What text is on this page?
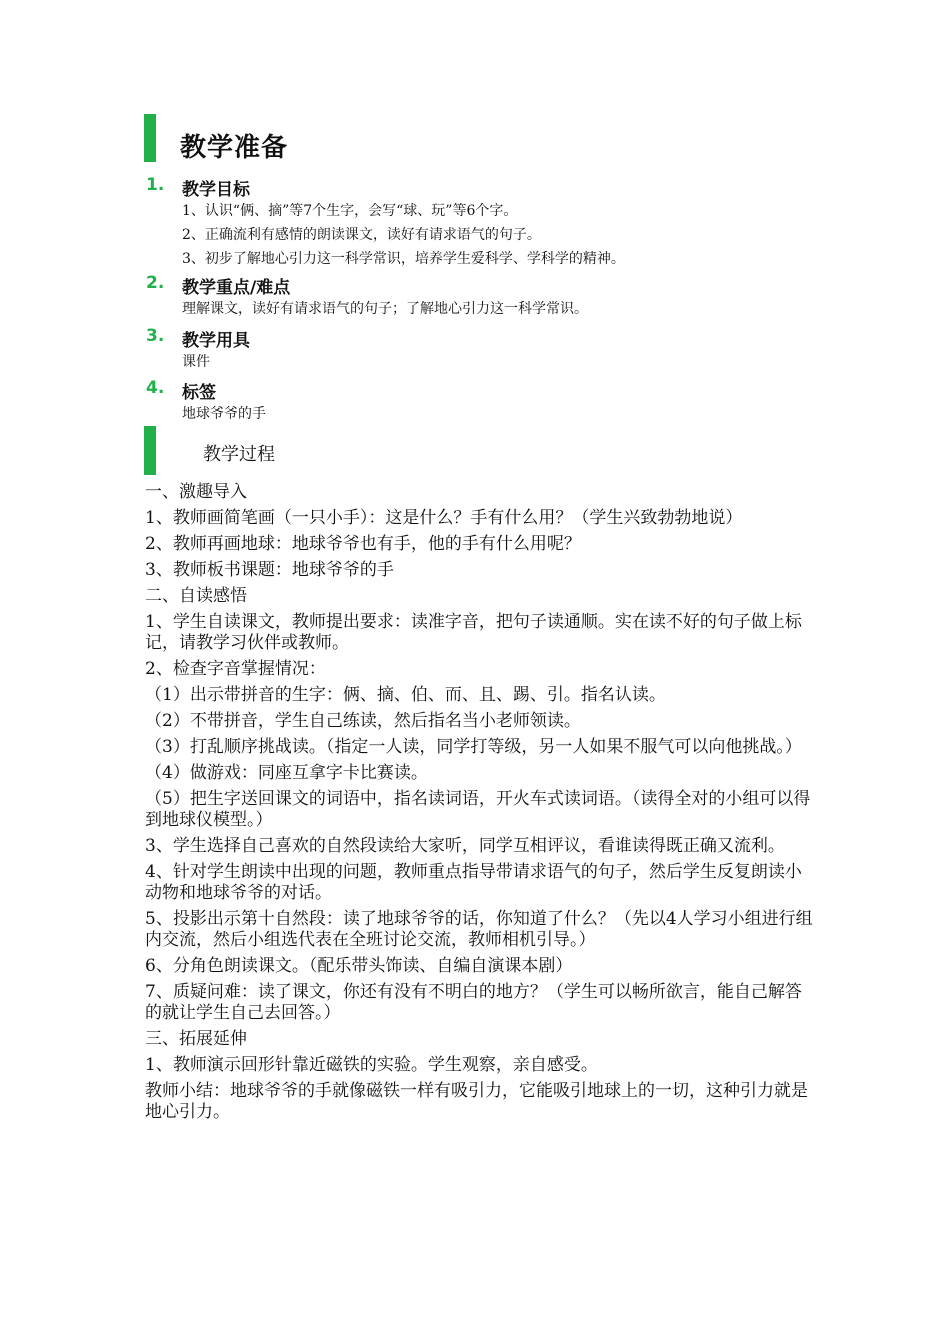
教学准备
1. 教学目标
1、认识“俩、摘”等7个生字，会写“球、玩”等6个字。
2、正确流利有感情的朗读课文，读好有请求语气的句子。
3、初步了解地心引力这一科学常识，培养学生爱科学、学科学的精神。
2. 教学重点/难点
理解课文，读好有请求语气的句子；了解地心引力这一科学常识。
3. 教学用具
课件
4. 标签
地球爷爷的手
教学过程

一、激趣导入

1、教师画简笔画（一只小手）：这是什么？手有什么用？（学生兴致勃勃地说）

2、教师再画地球：地球爷爷也有手，他的手有什么用呢？

3、教师板书课题：地球爷爷的手

二、自读感悟

1、学生自读课文，教师提出要求：读准字音，把句子读通顺。实在读不好的句子做上标记，请教学习伙伴或教师。

2、检查字音掌握情况：

（1）出示带拼音的生字：俩、摘、伯、而、且、踢、引。指名认读。

（2）不带拼音，学生自己练读，然后指名当小老师领读。

（3）打乱顺序挑战读。（指定一人读，同学打等级，另一人如果不服气可以向他挑战。）

（4）做游戏：同座互拿字卡比赛读。

（5）把生字送回课文的词语中，指名读词语，开火车式读词语。（读得全对的小组可以得到地球仪模型。）

3、学生选择自己喜欢的自然段读给大家听，同学互相评议，看谁读得既正确又流利。

4、针对学生朗读中出现的问题，教师重点指导带请求语气的句子，然后学生反复朗读小动物和地球爷爷的对话。

5、投影出示第十自然段：读了地球爷爷的话，你知道了什么？（先以4人学习小组进行组内交流，然后小组选代表在全班讨论交流，教师相机引导。）

6、分角色朗读课文。（配乐带头饰读、自编自演课本剧）

7、质疑问难：读了课文，你还有没有不明白的地方？（学生可以畅所欲言，能自己解答的就让学生自己去回答。）

三、拓展延伸

1、教师演示回形针靠近磁铁的实验。学生观察，亲自感受。

教师小结：地球爷爷的手就像磁铁一样有吸引力，它能吸引地球上的一切，这种引力就是地心引力。
